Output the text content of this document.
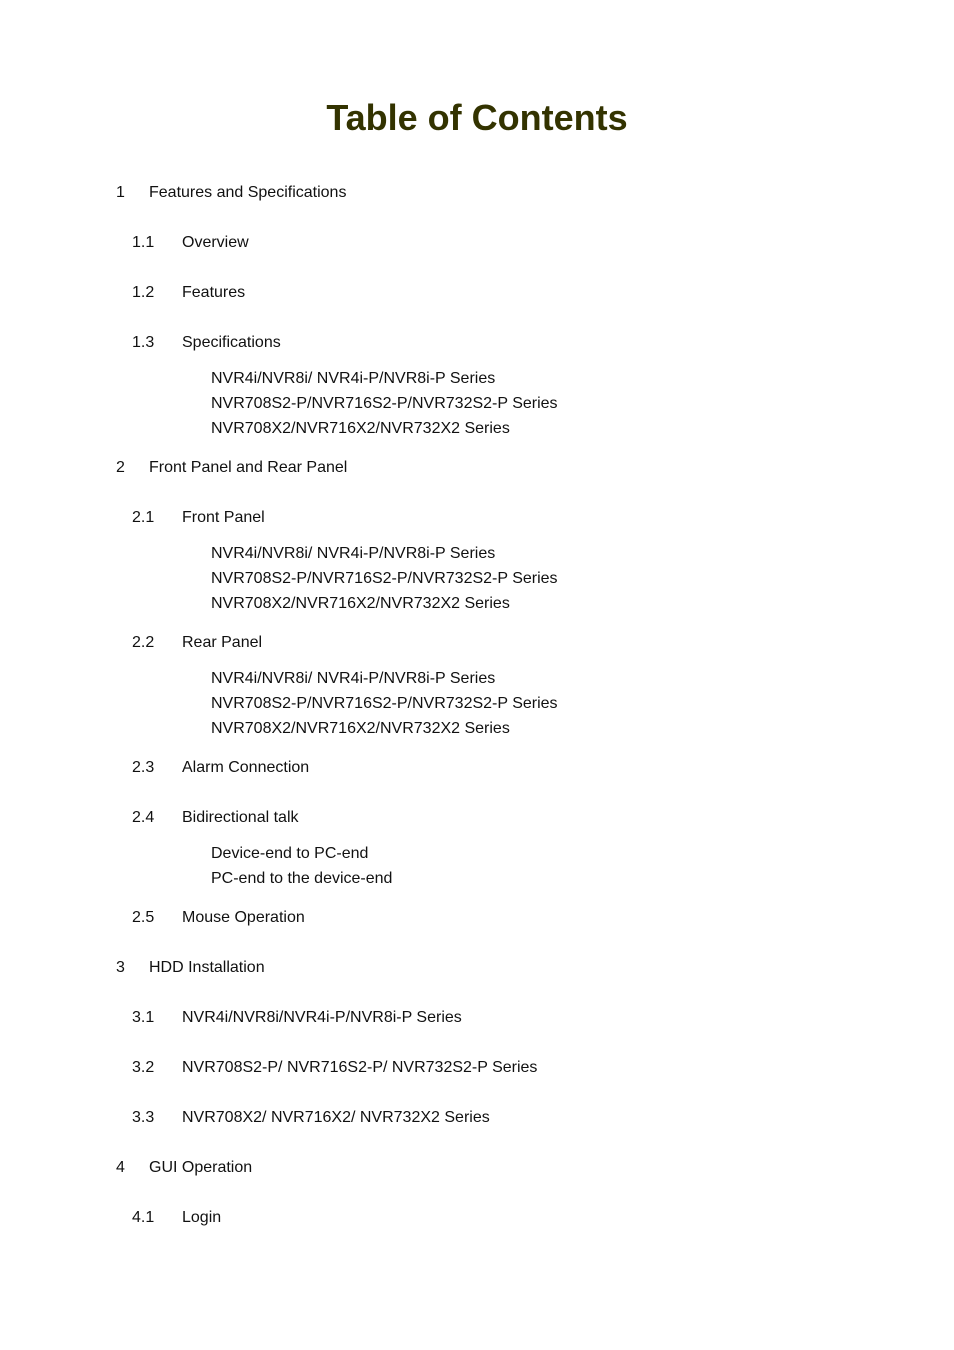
Table of Contents
1 Features and Specifications
1.1 Overview
1.2 Features
1.3 Specifications
NVR4i/NVR8i/ NVR4i-P/NVR8i-P Series
NVR708S2-P/NVR716S2-P/NVR732S2-P Series
NVR708X2/NVR716X2/NVR732X2 Series
2 Front Panel and Rear Panel
2.1 Front Panel
NVR4i/NVR8i/ NVR4i-P/NVR8i-P Series
NVR708S2-P/NVR716S2-P/NVR732S2-P Series
NVR708X2/NVR716X2/NVR732X2 Series
2.2 Rear Panel
NVR4i/NVR8i/ NVR4i-P/NVR8i-P Series
NVR708S2-P/NVR716S2-P/NVR732S2-P Series
NVR708X2/NVR716X2/NVR732X2 Series
2.3 Alarm Connection
2.4 Bidirectional talk
Device-end to PC-end
PC-end to the device-end
2.5 Mouse Operation
3 HDD Installation
3.1 NVR4i/NVR8i/NVR4i-P/NVR8i-P Series
3.2 NVR708S2-P/ NVR716S2-P/ NVR732S2-P Series
3.3 NVR708X2/ NVR716X2/ NVR732X2 Series
4 GUI Operation
4.1 Login
